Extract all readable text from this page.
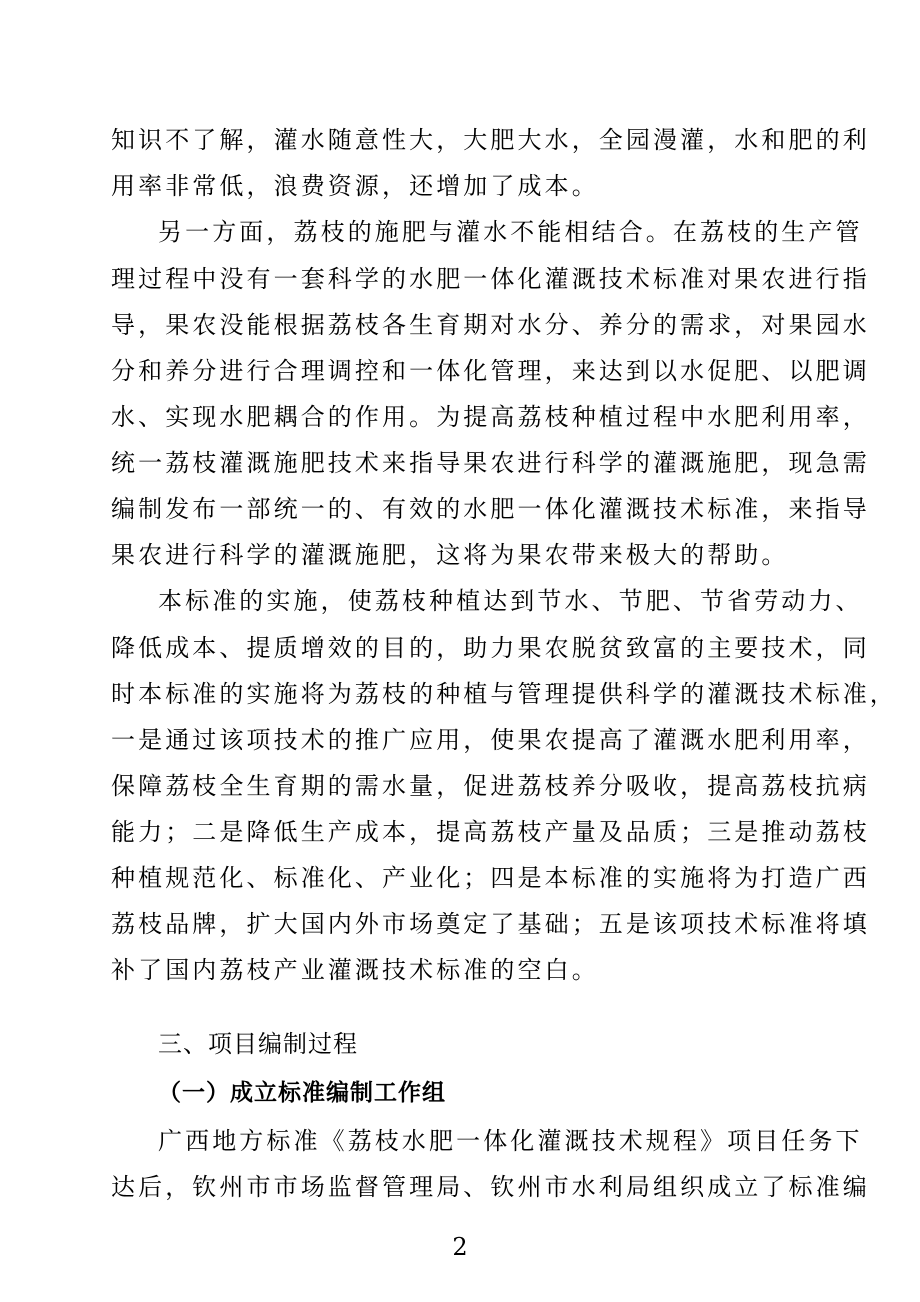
知识不了解，灌水随意性大，大肥大水，全园漫灌，水和肥的利
用率非常低，浪费资源，还增加了成本。
另一方面，荔枝的施肥与灌水不能相结合。在荔枝的生产管
理过程中没有一套科学的水肥一体化灌溉技术标准对果农进行指
导，果农没能根据荔枝各生育期对水分、养分的需求，对果园水
分和养分进行合理调控和一体化管理，来达到以水促肥、以肥调
水、实现水肥耦合的作用。为提高荔枝种植过程中水肥利用率，
统一荔枝灌溉施肥技术来指导果农进行科学的灌溉施肥，现急需
编制发布一部统一的、有效的水肥一体化灌溉技术标准，来指导
果农进行科学的灌溉施肥，这将为果农带来极大的帮助。
本标准的实施，使荔枝种植达到节水、节肥、节省劳动力、
降低成本、提质增效的目的，助力果农脱贫致富的主要技术，同
时本标准的实施将为荔枝的种植与管理提供科学的灌溉技术标准，
一是通过该项技术的推广应用，使果农提高了灌溉水肥利用率，
保障荔枝全生育期的需水量，促进荔枝养分吸收，提高荔枝抗病
能力；二是降低生产成本，提高荔枝产量及品质；三是推动荔枝
种植规范化、标准化、产业化；四是本标准的实施将为打造广西
荔枝品牌，扩大国内外市场奠定了基础；五是该项技术标准将填
补了国内荔枝产业灌溉技术标准的空白。
三、项目编制过程
（一）成立标准编制工作组
广西地方标准《荔枝水肥一体化灌溉技术规程》项目任务下
达后，钦州市市场监督管理局、钦州市水利局组织成立了标准编
2
